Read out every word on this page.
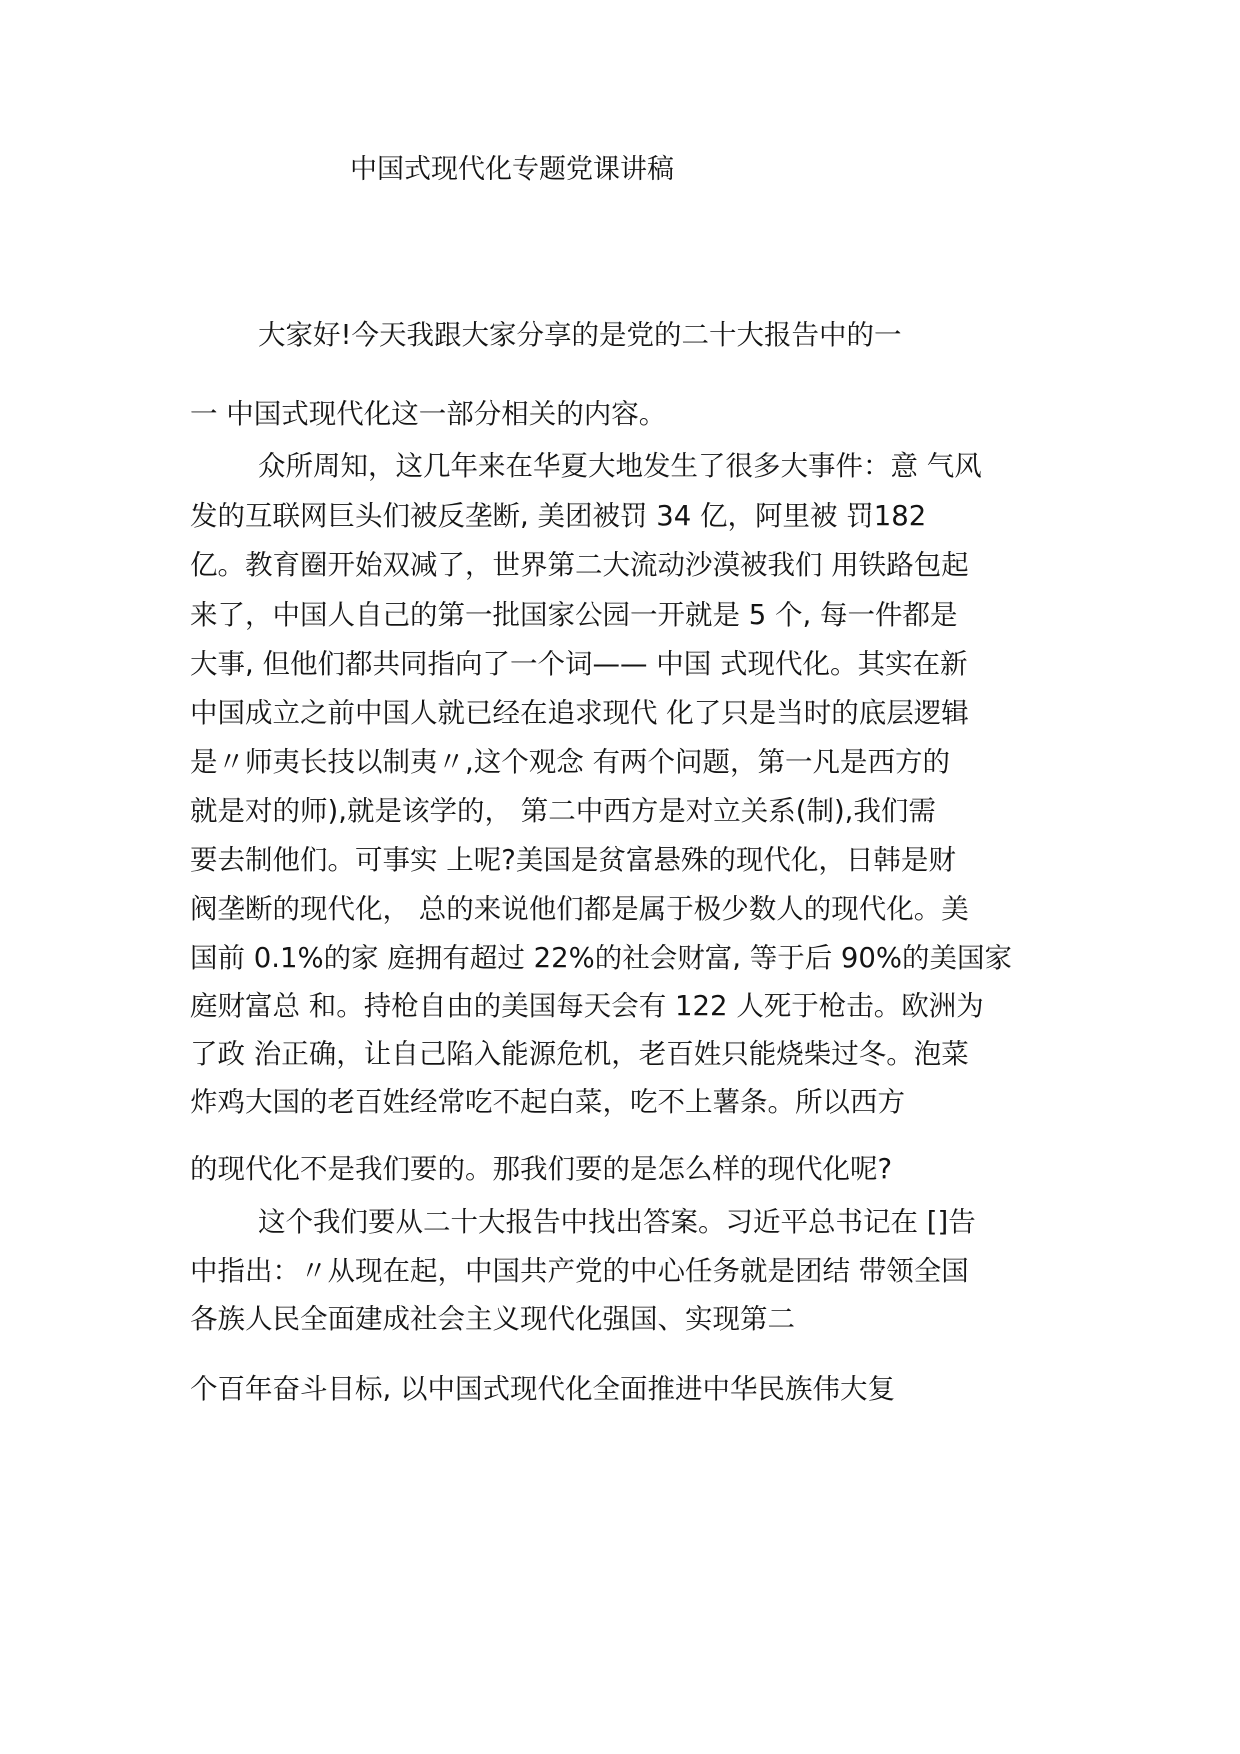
中国式现代化专题党课讲稿

大家好!今天我跟大家分享的是党的二十大报告中的一

一 中国式现代化这一部分相关的内容。

众所周知，这几年来在华夏大地发生了很多大事件：意 气风

发的互联网巨头们被反垄断, 美团被罚 34 亿，阿里被 罚182

亿。教育圈开始双减了，世界第二大流动沙漠被我们 用铁路包起

来了，中国人自己的第一批国家公园一开就是 5 个, 每一件都是

大事, 但他们都共同指向了一个词—— 中国 式现代化。其实在新

中国成立之前中国人就已经在追求现代 化了只是当时的底层逻辑

是〃师夷长技以制夷〃,这个观念 有两个问题，第一凡是西方的

就是对的师),就是该学的， 第二中西方是对立关系(制),我们需

要去制他们。可事实 上呢?美国是贫富悬殊的现代化，日韩是财

阀垄断的现代化， 总的来说他们都是属于极少数人的现代化。美

国前 0.1%的家 庭拥有超过 22%的社会财富, 等于后 90%的美国家

庭财富总 和。持枪自由的美国每天会有 122 人死于枪击。欧洲为

了政 治正确，让自己陷入能源危机，老百姓只能烧柴过冬。泡菜

炸鸡大国的老百姓经常吃不起白菜，吃不上薯条。所以西方

的现代化不是我们要的。那我们要的是怎么样的现代化呢?

这个我们要从二十大报告中找出答案。习近平总书记在 []告

中指出：〃从现在起，中国共产党的中心任务就是团结 带领全国

各族人民全面建成社会主义现代化强国、实现第二

个百年奋斗目标, 以中国式现代化全面推进中华民族伟大复
